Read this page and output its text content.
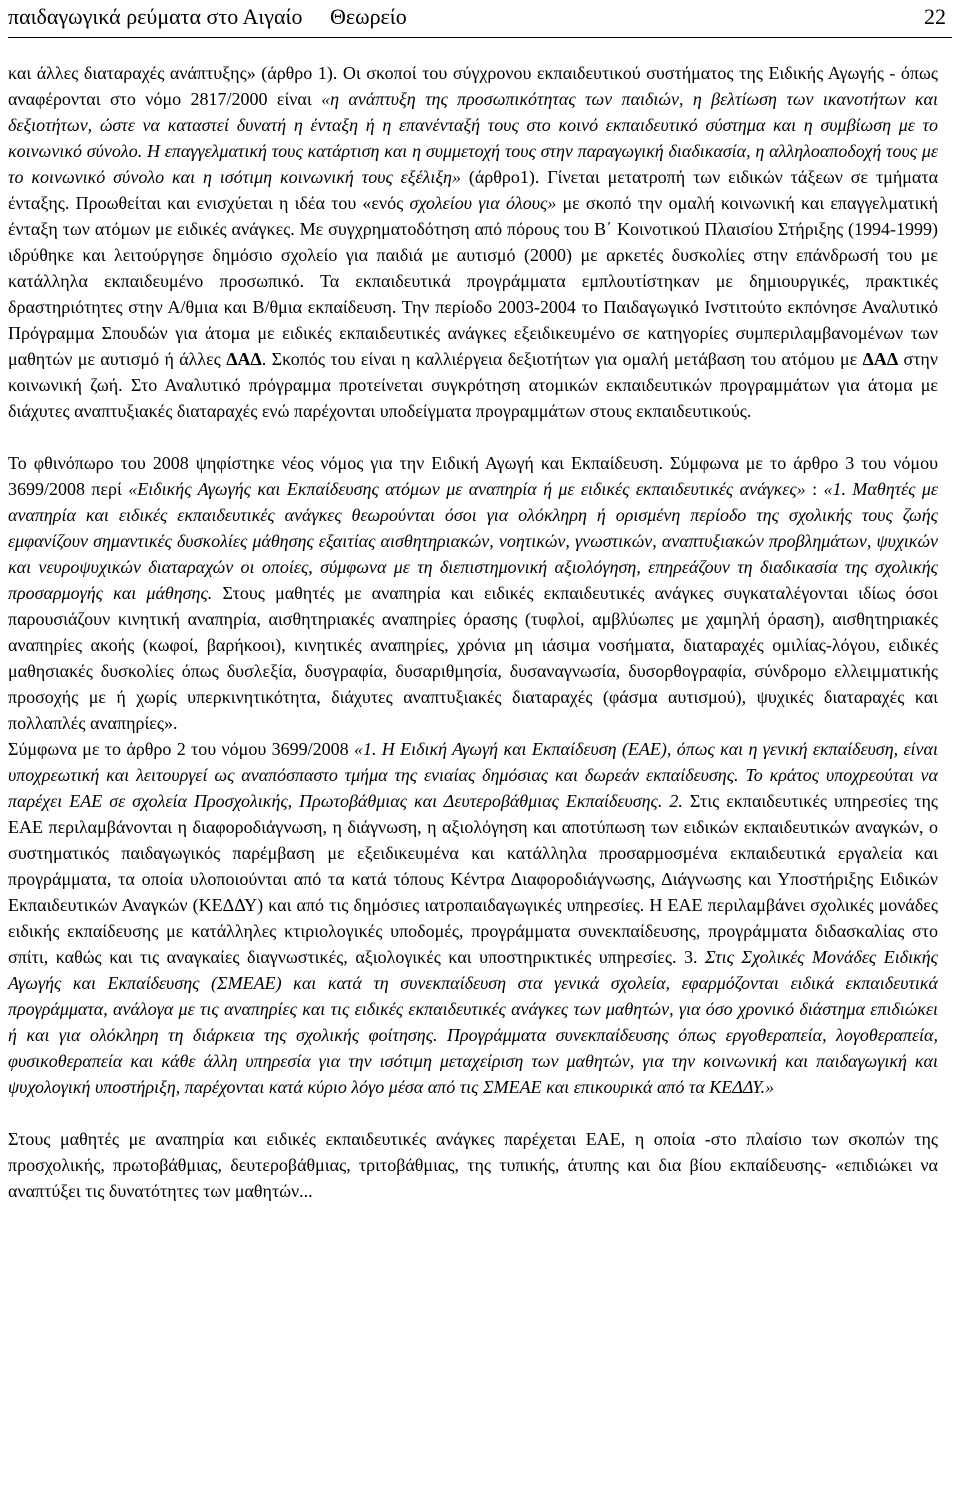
παιδαγωγικά ρεύματα στο Αιγαίο     Θεωρείο	22

και άλλες διαταραχές ανάπτυξης» (άρθρο 1). Οι σκοποί του σύγχρονου εκπαιδευτικού συστήματος της Ειδικής Αγωγής - όπως αναφέρονται στο νόμο 2817/2000 είναι «η ανάπτυξη της προσωπικότητας των παιδιών, η βελτίωση των ικανοτήτων και δεξιοτήτων, ώστε να καταστεί δυνατή η ένταξη ή η επανένταξή τους στο κοινό εκπαιδευτικό σύστημα και η συμβίωση με το κοινωνικό σύνολο. Η επαγγελματική τους κατάρτιση και η συμμετοχή τους στην παραγωγική διαδικασία, η αλληλοαποδοχή τους με το κοινωνικό σύνολο και η ισότιμη κοινωνική τους εξέλιξη» (άρθρο1). Γίνεται μετατροπή των ειδικών τάξεων σε τμήματα ένταξης. Προωθείται και ενισχύεται η ιδέα του «ενός σχολείου για όλους» με σκοπό την ομαλή κοινωνική και επαγγελματική ένταξη των ατόμων με ειδικές ανάγκες. Με συγχρηματοδότηση από πόρους του Β΄ Κοινοτικού Πλαισίου Στήριξης (1994-1999) ιδρύθηκε και λειτούργησε δημόσιο σχολείο για παιδιά με αυτισμό (2000) με αρκετές δυσκολίες στην επάνδρωσή του με κατάλληλα εκπαιδευμένο προσωπικό. Τα εκπαιδευτικά προγράμματα εμπλουτίστηκαν με δημιουργικές, πρακτικές δραστηριότητες στην Α/θμια και Β/θμια εκπαίδευση. Την περίοδο 2003-2004 το Παιδαγωγικό Ινστιτούτο εκπόνησε Αναλυτικό Πρόγραμμα Σπουδών για άτομα με ειδικές εκπαιδευτικές ανάγκες εξειδικευμένο σε κατηγορίες συμπεριλαμβανομένων των μαθητών με αυτισμό ή άλλες ΔΑΔ. Σκοπός του είναι η καλλιέργεια δεξιοτήτων για ομαλή μετάβαση του ατόμου με ΔΑΔ στην κοινωνική ζωή. Στο Αναλυτικό πρόγραμμα προτείνεται συγκρότηση ατομικών εκπαιδευτικών προγραμμάτων για άτομα με διάχυτες αναπτυξιακές διαταραχές ενώ παρέχονται υποδείγματα προγραμμάτων στους εκπαιδευτικούς.

Το φθινόπωρο του 2008 ψηφίστηκε νέος νόμος για την Ειδική Αγωγή και Εκπαίδευση. Σύμφωνα με το άρθρο 3 του νόμου 3699/2008 περί «Ειδικής Αγωγής και Εκπαίδευσης ατόμων με αναπηρία ή με ειδικές εκπαιδευτικές ανάγκες» : «1. Μαθητές με αναπηρία και ειδικές εκπαιδευτικές ανάγκες θεωρούνται όσοι για ολόκληρη ή ορισμένη περίοδο της σχολικής τους ζωής εμφανίζουν σημαντικές δυσκολίες μάθησης εξαιτίας αισθητηριακών, νοητικών, γνωστικών, αναπτυξιακών προβλημάτων, ψυχικών και νευροψυχικών διαταραχών οι οποίες, σύμφωνα με τη διεπιστημονική αξιολόγηση, επηρεάζουν τη διαδικασία της σχολικής προσαρμογής και μάθησης. Στους μαθητές με αναπηρία και ειδικές εκπαιδευτικές ανάγκες συγκαταλέγονται ιδίως όσοι παρουσιάζουν κινητική αναπηρία, αισθητηριακές αναπηρίες όρασης (τυφλοί, αμβλύωπες με χαμηλή όραση), αισθητηριακές αναπηρίες ακοής (κωφοί, βαρήκοοι), κινητικές αναπηρίες, χρόνια μη ιάσιμα νοσήματα, διαταραχές ομιλίας-λόγου, ειδικές μαθησιακές δυσκολίες όπως δυσλεξία, δυσγραφία, δυσαριθμησία, δυσαναγνωσία, δυσορθογραφία, σύνδρομο ελλειμματικής προσοχής με ή χωρίς υπερκινητικότητα, διάχυτες αναπτυξιακές διαταραχές (φάσμα αυτισμού), ψυχικές διαταραχές και πολλαπλές αναπηρίες».

Σύμφωνα με το άρθρο 2 του νόμου 3699/2008 «1. Η Ειδική Αγωγή και Εκπαίδευση (ΕΑΕ), όπως και η γενική εκπαίδευση, είναι υποχρεωτική και λειτουργεί ως αναπόσπαστο τμήμα της ενιαίας δημόσιας και δωρεάν εκπαίδευσης. Το κράτος υποχρεούται να παρέχει ΕΑΕ σε σχολεία Προσχολικής, Πρωτοβάθμιας και Δευτεροβάθμιας Εκπαίδευσης. 2. Στις εκπαιδευτικές υπηρεσίες της ΕΑΕ περιλαμβάνονται η διαφοροδιάγνωση, η διάγνωση, η αξιολόγηση και αποτύπωση των ειδικών εκπαιδευτικών αναγκών, ο συστηματικός παιδαγωγικός παρέμβαση με εξειδικευμένα και κατάλληλα προσαρμοσμένα εκπαιδευτικά εργαλεία και προγράμματα, τα οποία υλοποιούνται από τα κατά τόπους Κέντρα Διαφοροδιάγνωσης, Διάγνωσης και Υποστήριξης Ειδικών Εκπαιδευτικών Αναγκών (ΚΕΔΔΥ) και από τις δημόσιες ιατροπαιδαγωγικές υπηρεσίες. Η ΕΑΕ περιλαμβάνει σχολικές μονάδες ειδικής εκπαίδευσης με κατάλληλες κτιριολογικές υποδομές, προγράμματα συνεκπαίδευσης, προγράμματα διδασκαλίας στο σπίτι, καθώς και τις αναγκαίες διαγνωστικές, αξιολογικές και υποστηρικτικές υπηρεσίες. 3. Στις Σχολικές Μονάδες Ειδικής Αγωγής και Εκπαίδευσης (ΣΜΕΑΕ) και κατά τη συνεκπαίδευση στα γενικά σχολεία, εφαρμόζονται ειδικά εκπαιδευτικά προγράμματα, ανάλογα με τις αναπηρίες και τις ειδικές εκπαιδευτικές ανάγκες των μαθητών, για όσο χρονικό διάστημα επιδιώκει ή και για ολόκληρη τη διάρκεια της σχολικής φοίτησης. Προγράμματα συνεκπαίδευσης όπως εργοθεραπεία, λογοθεραπεία, φυσικοθεραπεία και κάθε άλλη υπηρεσία για την ισότιμη μεταχείριση των μαθητών, για την κοινωνική και παιδαγωγική και ψυχολογική υποστήριξη, παρέχονται κατά κύριο λόγο μέσα από τις ΣΜΕΑΕ και επικουρικά από τα ΚΕΔΔΥ.»

Στους μαθητές με αναπηρία και ειδικές εκπαιδευτικές ανάγκες παρέχεται ΕΑΕ, η οποία -στο πλαίσιο των σκοπών της προσχολικής, πρωτοβάθμιας, δευτεροβάθμιας, τριτοβάθμιας, της τυπικής, άτυπης και δια βίου εκπαίδευσης- «επιδιώκει να αναπτύξει τις δυνατότητες των μαθητών...
